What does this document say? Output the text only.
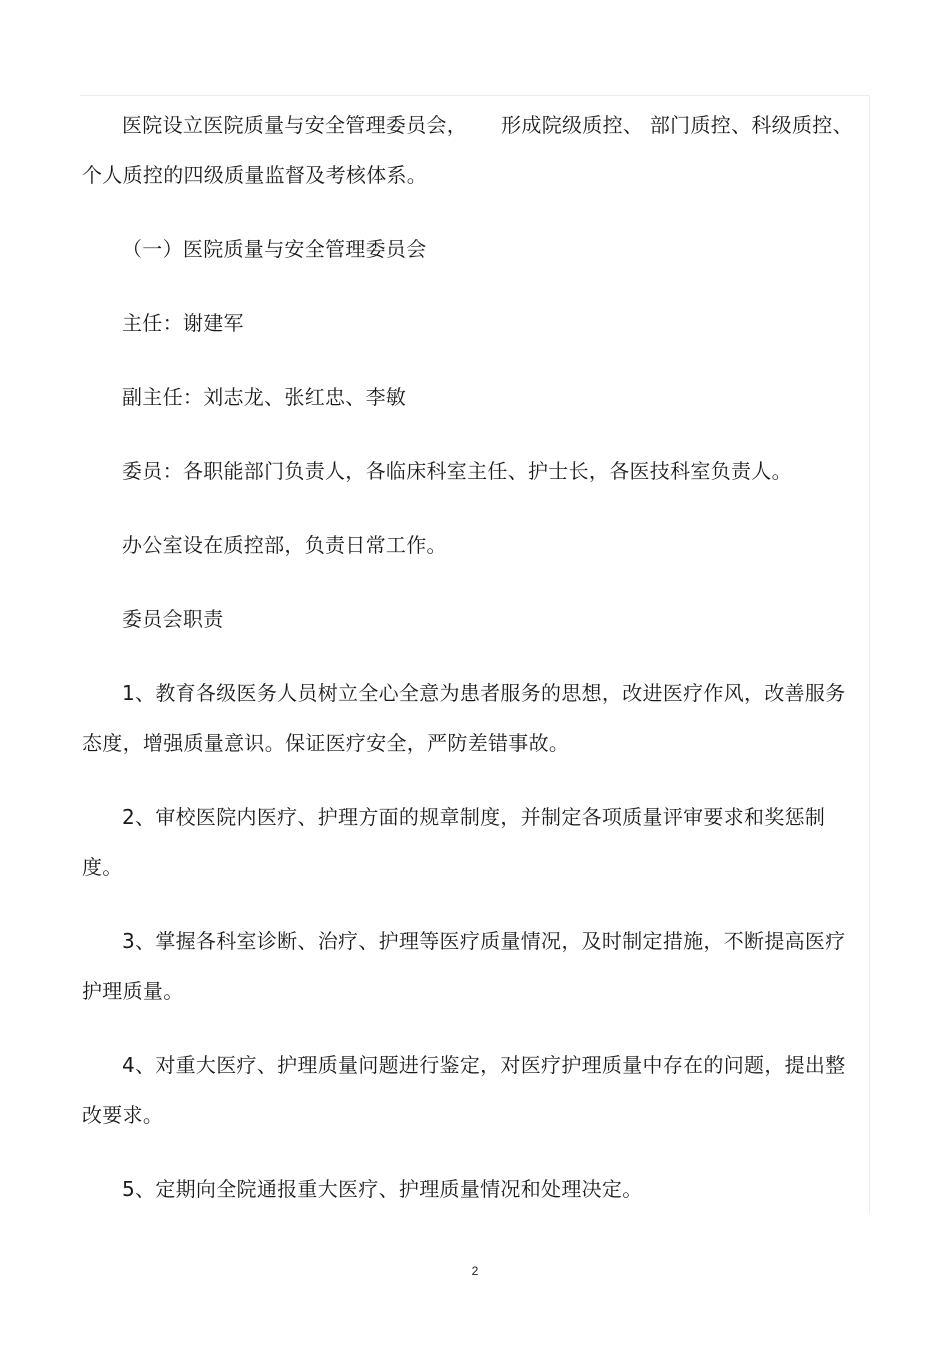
医院设立医院质量与安全管理委员会， 形成院级质控、 部门质控、科级质控、个人质控的四级质量监督及考核体系。

（一）医院质量与安全管理委员会

主任：谢建军

副主任：刘志龙、张红忠、李敏

委员：各职能部门负责人，各临床科室主任、护士长，各医技科室负责人。

办公室设在质控部，负责日常工作。

委员会职责

1、教育各级医务人员树立全心全意为患者服务的思想，改进医疗作风，改善服务态度，增强质量意识。保证医疗安全，严防差错事故。

2、审校医院内医疗、护理方面的规章制度，并制定各项质量评审要求和奖惩制度。

3、掌握各科室诊断、治疗、护理等医疗质量情况，及时制定措施，不断提高医疗护理质量。

4、对重大医疗、护理质量问题进行鉴定，对医疗护理质量中存在的问题，提出整改要求。

5、定期向全院通报重大医疗、护理质量情况和处理决定。

2
